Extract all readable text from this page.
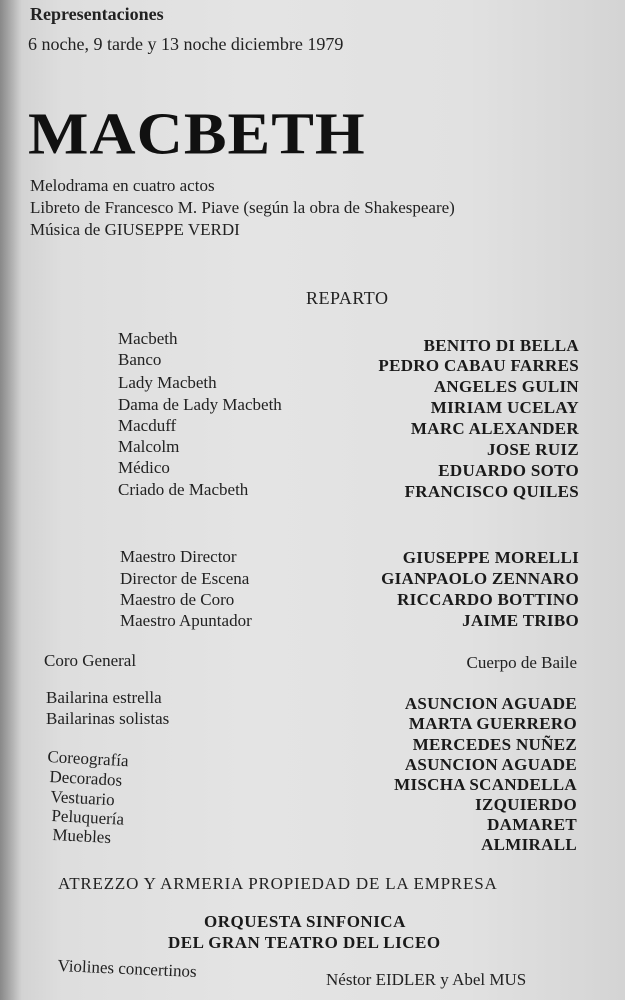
Representaciones
6 noche, 9 tarde y 13 noche diciembre 1979
MACBETH
Melodrama en cuatro actos
Libreto de Francesco M. Piave (según la obra de Shakespeare)
Música de GIUSEPPE VERDI
REPARTO
Macbeth	BENITO DI BELLA
Banco	PEDRO CABAU FARRES
Lady Macbeth	ANGELES GULIN
Dama de Lady Macbeth	MIRIAM UCELAY
Macduff	MARC ALEXANDER
Malcolm	JOSE RUIZ
Médico	EDUARDO SOTO
Criado de Macbeth	FRANCISCO QUILES
Maestro Director	GIUSEPPE MORELLI
Director de Escena	GIANPAOLO ZENNARO
Maestro de Coro	RICCARDO BOTTINO
Maestro Apuntador	JAIME TRIBO
Coro General	Cuerpo de Baile
Bailarina estrella	ASUNCION AGUADE
Bailarinas solistas	MARTA GUERRERO
MERCEDES NUÑEZ
Coreografía	ASUNCION AGUADE
Decorados	MISCHA SCANDELLA
Vestuario	IZQUIERDO
Peluquería	DAMARET
Muebles	ALMIRALL
ATREZZO Y ARMERIA PROPIEDAD DE LA EMPRESA
ORQUESTA SINFONICA
DEL GRAN TEATRO DEL LICEO
Violines concertinos	Néstor EIDLER y Abel MUS
